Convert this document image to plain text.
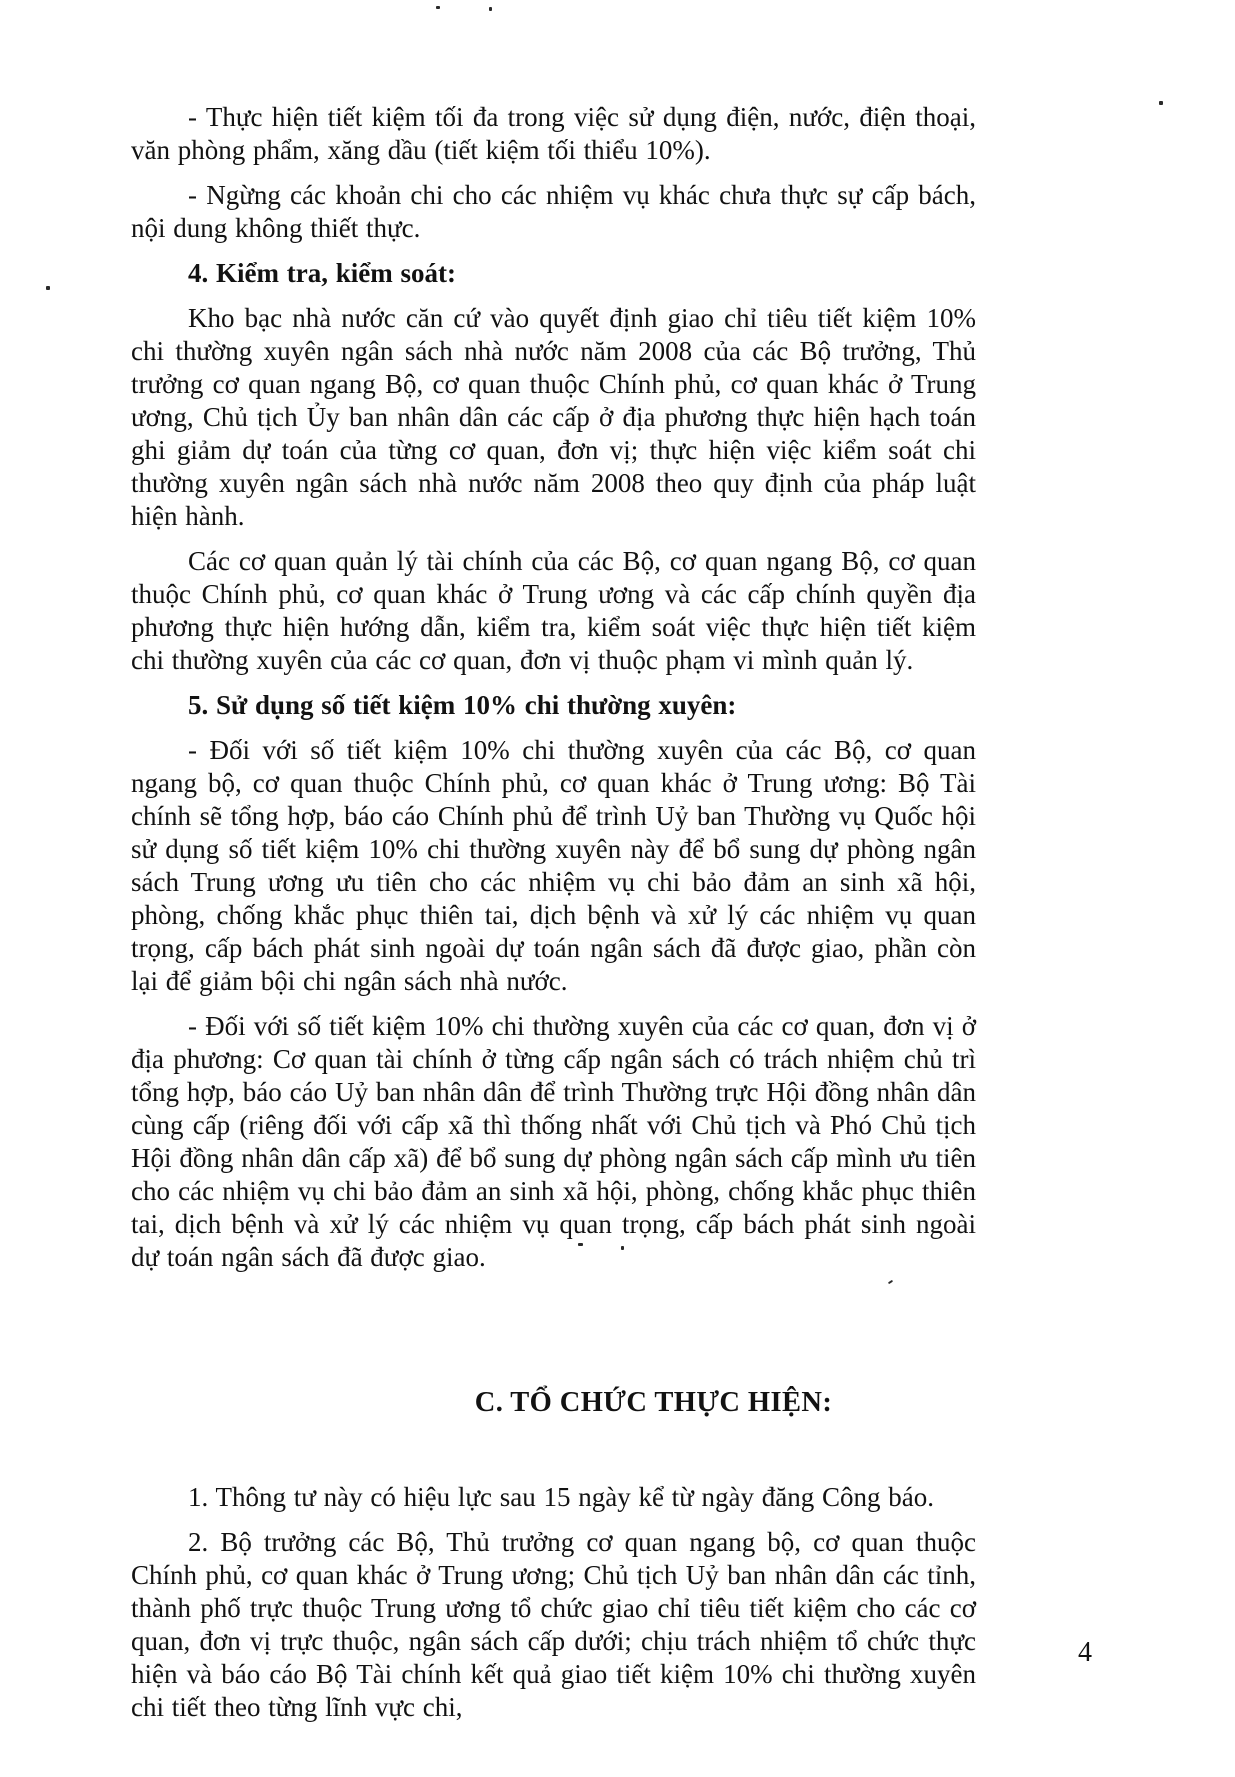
- Thực hiện tiết kiệm tối đa trong việc sử dụng điện, nước, điện thoại, văn phòng phẩm, xăng dầu (tiết kiệm tối thiểu 10%).

- Ngừng các khoản chi cho các nhiệm vụ khác chưa thực sự cấp bách, nội dung không thiết thực.

4. Kiểm tra, kiểm soát:

Kho bạc nhà nước căn cứ vào quyết định giao chỉ tiêu tiết kiệm 10% chi thường xuyên ngân sách nhà nước năm 2008 của các Bộ trưởng, Thủ trưởng cơ quan ngang Bộ, cơ quan thuộc Chính phủ, cơ quan khác ở Trung ương, Chủ tịch Ủy ban nhân dân các cấp ở địa phương thực hiện hạch toán ghi giảm dự toán của từng cơ quan, đơn vị; thực hiện việc kiểm soát chi thường xuyên ngân sách nhà nước năm 2008 theo quy định của pháp luật hiện hành.

Các cơ quan quản lý tài chính của các Bộ, cơ quan ngang Bộ, cơ quan thuộc Chính phủ, cơ quan khác ở Trung ương và các cấp chính quyền địa phương thực hiện hướng dẫn, kiểm tra, kiểm soát việc thực hiện tiết kiệm chi thường xuyên của các cơ quan, đơn vị thuộc phạm vi mình quản lý.

5. Sử dụng số tiết kiệm 10% chi thường xuyên:

- Đối với số tiết kiệm 10% chi thường xuyên của các Bộ, cơ quan ngang bộ, cơ quan thuộc Chính phủ, cơ quan khác ở Trung ương: Bộ Tài chính sẽ tổng hợp, báo cáo Chính phủ để trình Uỷ ban Thường vụ Quốc hội sử dụng số tiết kiệm 10% chi thường xuyên này để bổ sung dự phòng ngân sách Trung ương ưu tiên cho các nhiệm vụ chi bảo đảm an sinh xã hội, phòng, chống khắc phục thiên tai, dịch bệnh và xử lý các nhiệm vụ quan trọng, cấp bách phát sinh ngoài dự toán ngân sách đã được giao, phần còn lại để giảm bội chi ngân sách nhà nước.

- Đối với số tiết kiệm 10% chi thường xuyên của các cơ quan, đơn vị ở địa phương: Cơ quan tài chính ở từng cấp ngân sách có trách nhiệm chủ trì tổng hợp, báo cáo Uỷ ban nhân dân để trình Thường trực Hội đồng nhân dân cùng cấp (riêng đối với cấp xã thì thống nhất với Chủ tịch và Phó Chủ tịch Hội đồng nhân dân cấp xã) để bổ sung dự phòng ngân sách cấp mình ưu tiên cho các nhiệm vụ chi bảo đảm an sinh xã hội, phòng, chống khắc phục thiên tai, dịch bệnh và xử lý các nhiệm vụ quan trọng, cấp bách phát sinh ngoài dự toán ngân sách đã được giao.

C. TỔ CHỨC THỰC HIỆN:

1. Thông tư này có hiệu lực sau 15 ngày kể từ ngày đăng Công báo.

2. Bộ trưởng các Bộ, Thủ trưởng cơ quan ngang bộ, cơ quan thuộc Chính phủ, cơ quan khác ở Trung ương; Chủ tịch Uỷ ban nhân dân các tỉnh, thành phố trực thuộc Trung ương tổ chức giao chỉ tiêu tiết kiệm cho các cơ quan, đơn vị trực thuộc, ngân sách cấp dưới; chịu trách nhiệm tổ chức thực hiện và báo cáo Bộ Tài chính kết quả giao tiết kiệm 10% chi thường xuyên chi tiết theo từng lĩnh vực chi,

4
